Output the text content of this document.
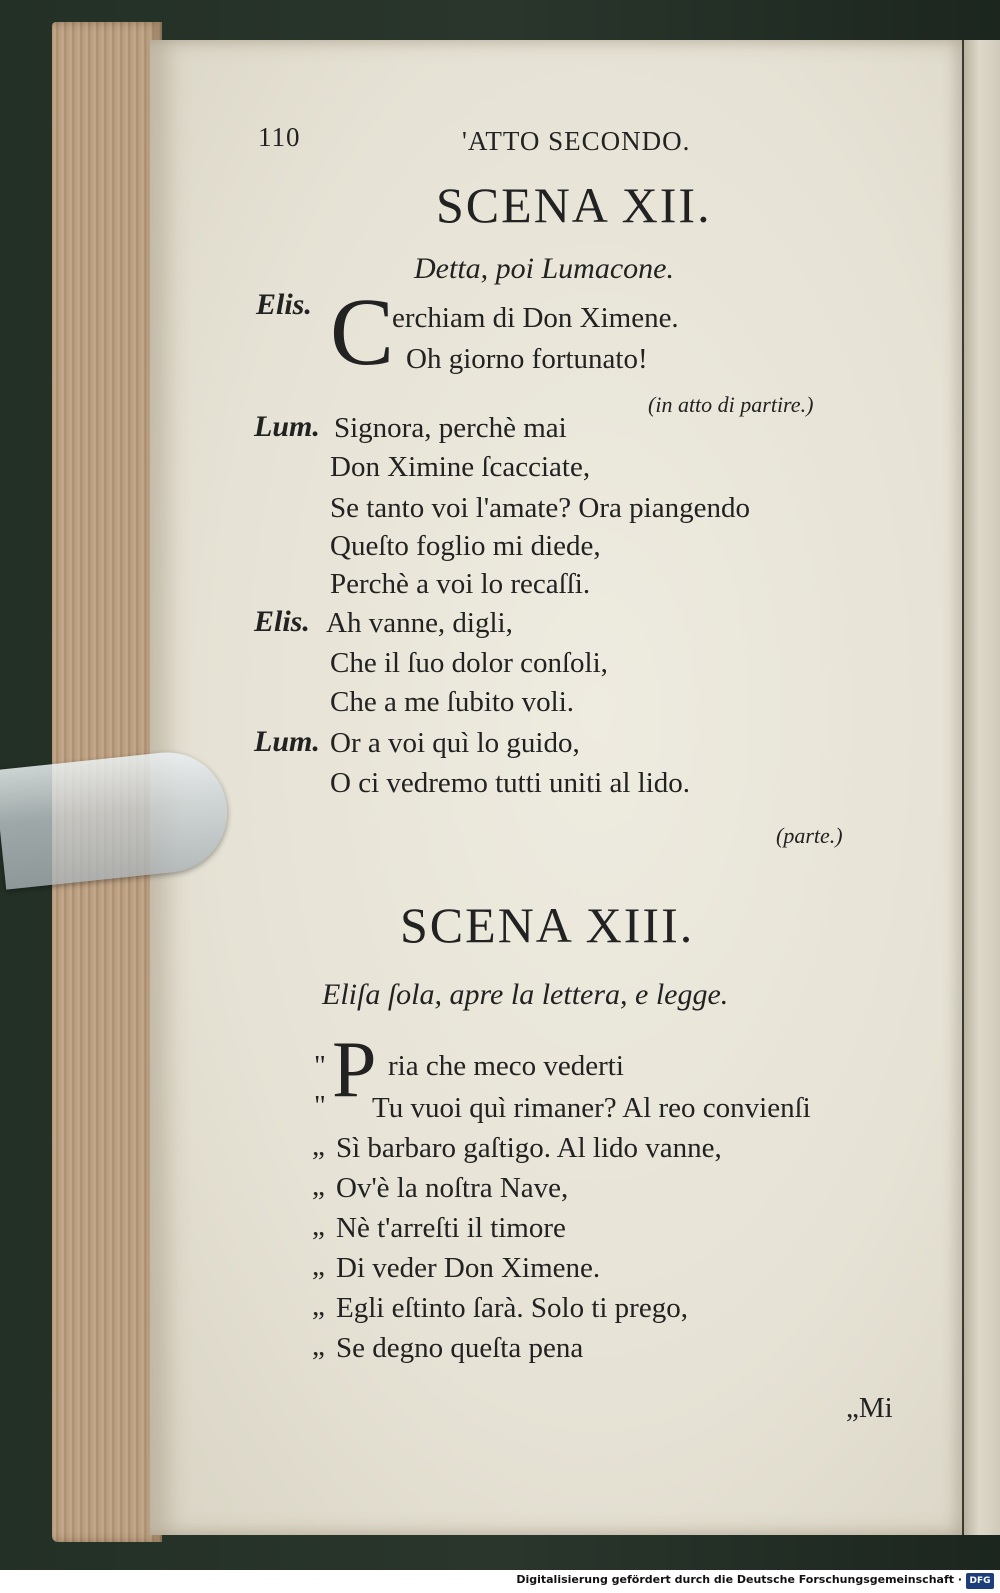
110	'ATTO SECONDO.
SCENA XII.
Detta, poi Lumacone.
Elis. C
erchiam di Don Ximene.
Oh giorno fortunato!
(in atto di partire.)
Lum. Signora, perchè mai
Don Ximine ſcacciate,
Se tanto voi l'amate? Ora piangendo
Queſto foglio mi diede,
Perchè a voi lo recaſſi.
Elis. Ah vanne, digli,
Che il ſuo dolor conſoli,
Che a me ſubito voli.
Lum. Or a voi quì lo guido,
O ci vedremo tutti uniti al lido.
(parte.)
SCENA XIII.
Eliſa ſola, apre la lettera, e legge.
" P ria che meco vederti
" Tu vuoi quì rimaner? Al reo convienſi
„ Sì barbaro gaſtigo. Al lido vanne,
„ Ov'è la noſtra Nave,
„ Nè t'arreſti il timore
„ Di veder Don Ximene.
„ Egli eſtinto ſarà. Solo ti prego,
„ Se degno queſta pena
„Mi
Digitalisierung gefördert durch die Deutsche Forschungsgemeinschaft · DFG
